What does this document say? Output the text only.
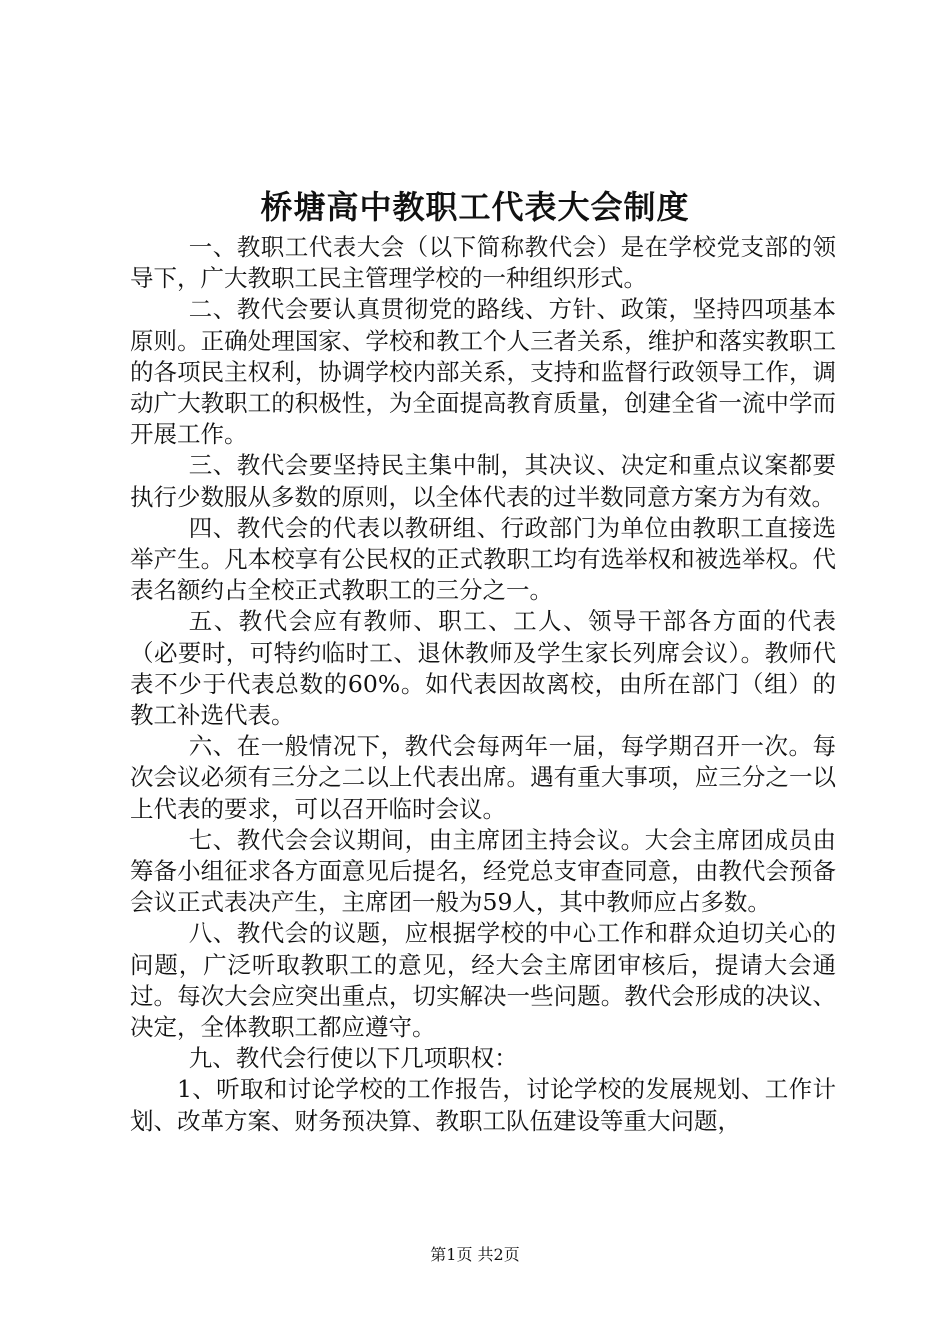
桥塘高中教职工代表大会制度

一、教职工代表大会（以下简称教代会）是在学校党支部的领导下，广大教职工民主管理学校的一种组织形式。

二、教代会要认真贯彻党的路线、方针、政策，坚持四项基本原则。正确处理国家、学校和教工个人三者关系，维护和落实教职工的各项民主权利，协调学校内部关系，支持和监督行政领导工作，调动广大教职工的积极性，为全面提高教育质量，创建全省一流中学而开展工作。

三、教代会要坚持民主集中制，其决议、决定和重点议案都要执行少数服从多数的原则，以全体代表的过半数同意方案方为有效。

四、教代会的代表以教研组、行政部门为单位由教职工直接选举产生。凡本校享有公民权的正式教职工均有选举权和被选举权。代表名额约占全校正式教职工的三分之一。

五、教代会应有教师、职工、工人、领导干部各方面的代表（必要时，可特约临时工、退休教师及学生家长列席会议）。教师代表不少于代表总数的60%。如代表因故离校，由所在部门（组）的教工补选代表。

六、在一般情况下，教代会每两年一届，每学期召开一次。每次会议必须有三分之二以上代表出席。遇有重大事项，应三分之一以上代表的要求，可以召开临时会议。

七、教代会会议期间，由主席团主持会议。大会主席团成员由筹备小组征求各方面意见后提名，经党总支审查同意，由教代会预备会议正式表决产生，主席团一般为59人，其中教师应占多数。

八、教代会的议题，应根据学校的中心工作和群众迫切关心的问题，广泛听取教职工的意见，经大会主席团审核后，提请大会通过。每次大会应突出重点，切实解决一些问题。教代会形成的决议、决定，全体教职工都应遵守。

九、教代会行使以下几项职权：

1、听取和讨论学校的工作报告，讨论学校的发展规划、工作计划、改革方案、财务预决算、教职工队伍建设等重大问题，

第1页 共2页
